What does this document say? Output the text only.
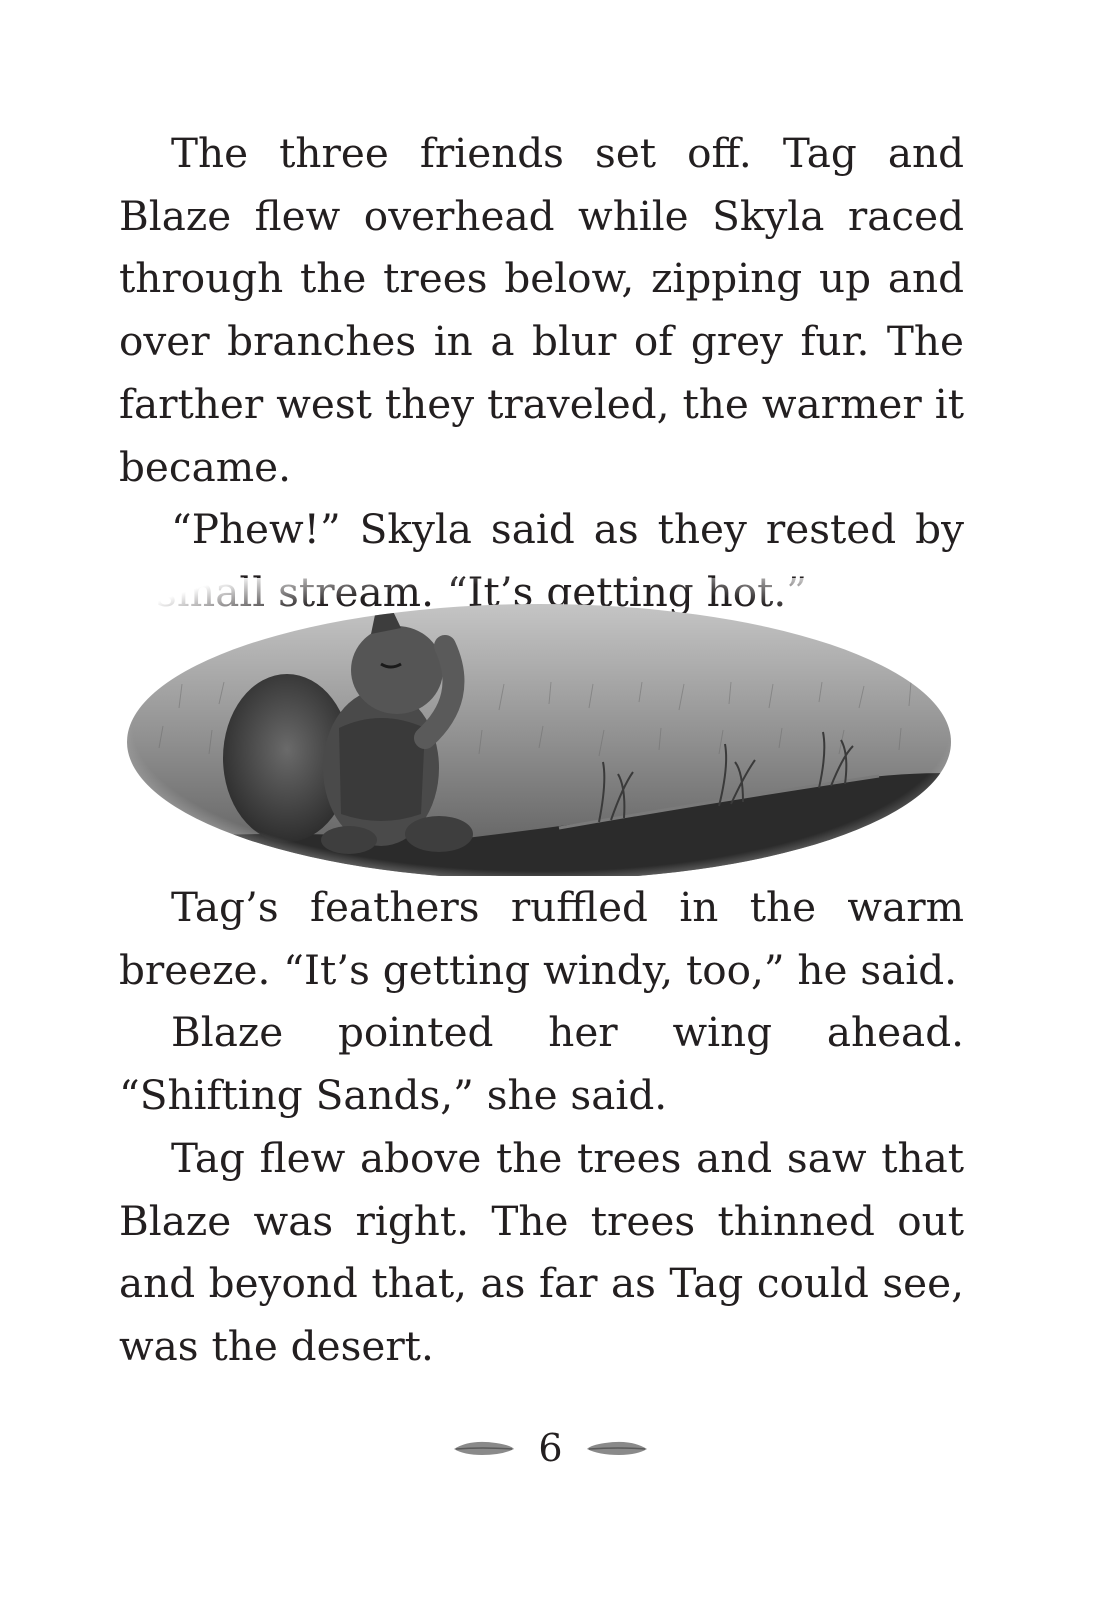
The three friends set off. Tag and Blaze flew overhead while Skyla raced through the trees below, zipping up and over branches in a blur of grey fur. The farther west they traveled, the warmer it became.

“Phew!” Skyla said as they rested by

Tag’s feathers ruffled in the warm breeze. “It’s getting windy, too,” he said.

Blaze pointed her wing ahead. “Shifting Sands,” she said.

Tag flew above the trees and saw that Blaze was right. The trees thinned out and beyond that, as far as Tag could see, was the desert.

6
